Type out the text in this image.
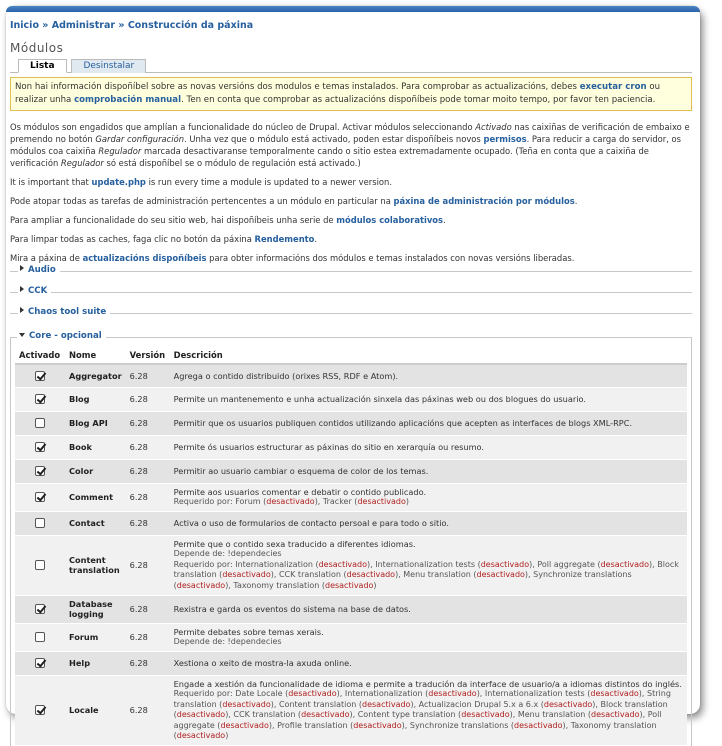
Inicio » Administrar » Construcción da páxina
Módulos
Lista	Desinstalar
Non hai información dispoñíbel sobre as novas versións dos modulos e temas instalados. Para comprobar as actualizacións, debes executar cron ou realizar unha comprobación manual. Ten en conta que comprobar as actualizacións dispoñíbeis pode tomar moito tempo, por favor ten paciencia.

Os módulos son engadidos que amplían a funcionalidade do núcleo de Drupal. Activar módulos seleccionando Activado nas caixiñas de verificación de embaixo e premendo no botón Gardar configuración. Unha vez que o módulo está activado, poden estar dispoñíbeis novos permisos. Para reducir a carga do servidor, os módulos coa caixiña Regulador marcada desactivaranse temporalmente cando o sitio estea extremadamente ocupado. (Teña en conta que a caixiña de verificación Regulador só está dispoñíbel se o módulo de regulación está activado.)

It is important that update.php is run every time a module is updated to a newer version.

Pode atopar todas as tarefas de administración pertencentes a un módulo en particular na páxina de administración por módulos.

Para ampliar a funcionalidade do seu sitio web, hai dispoñíbeis unha serie de módulos colaborativos.

Para limpar todas as caches, faga clic no botón da páxina Rendemento.

Mira a páxina de actualizacións dispoñíbeis para obter informacións dos módulos e temas instalados con novas versións liberadas.

Audio
CCK
Chaos tool suite
Core - opcional
Activado	Nome	Versión	Descrición
	Aggregator	6.28	Agrega o contido distribuido (orixes RSS, RDF e Atom).

	Blog	6.28	Permite un mantenemento e unha actualización sinxela das páxinas web ou dos blogues do usuario.

	Blog API	6.28	Permitir que os usuarios publiquen contidos utilizando aplicacións que acepten as interfaces de blogs XML-RPC.

	Book	6.28	Permite ós usuarios estructurar as páxinas do sitio en xerarquía ou resumo.

	Color	6.28	Permitir ao usuario cambiar o esquema de color de los temas.

	Comment	6.28	Permite aos usuarios comentar e debatir o contido publicado.
Requerido por: Forum (desactivado), Tracker (desactivado)

	Contact	6.28	Activa o uso de formularios de contacto persoal e para todo o sitio.

	Content translation	6.28	Permite que o contido sexa traducido a diferentes idiomas.
Depende de: !dependecies
Requerido por: Internationalization (desactivado), Internationalization tests (desactivado), Poll aggregate (desactivado), Block translation (desactivado), CCK translation (desactivado), Menu translation (desactivado), Synchronize translations (desactivado), Taxonomy translation (desactivado)

	Database logging	6.28	Rexistra e garda os eventos do sistema na base de datos.

	Forum	6.28	Permite debates sobre temas xerais.
Depende de: !dependecies

	Help	6.28	Xestiona o xeito de mostra-la axuda online.

	Locale	6.28	Engade a xestión da funcionalidade de idioma e permite a tradución da interface de usuario/a a idiomas distintos do inglés.
Requerido por: Date Locale (desactivado), Internationalization (desactivado), Internationalization tests (desactivado), String translation (desactivado), Content translation (desactivado), Actualizacion Drupal 5.x a 6.x (desactivado), Block translation (desactivado), CCK translation (desactivado), Content type translation (desactivado), Menu translation (desactivado), Poll aggregate (desactivado), Profile translation (desactivado), Synchronize translations (desactivado), Taxonomy translation (desactivado)
